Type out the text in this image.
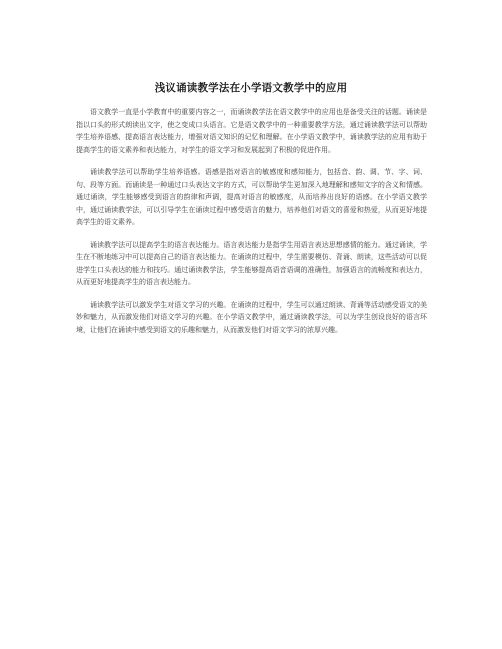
浅议诵读教学法在小学语文教学中的应用

语文教学一直是小学教育中的重要内容之一，而诵读教学法在语文教学中的应用也是备受关注的话题。诵读是指以口头的形式朗读出文字，使之变成口头语言。它是语文教学中的一种重要教学方法，通过诵读教学法可以帮助学生培养语感、提高语言表达能力，增强对语文知识的记忆和理解。在小学语文教学中，诵读教学法的应用有助于提高学生的语文素养和表达能力，对学生的语文学习和发展起到了积极的促进作用。

诵读教学法可以帮助学生培养语感。语感是指对语言的敏感度和感知能力，包括音、韵、调、节、字、词、句、段等方面。而诵读是一种通过口头表达文字的方式，可以帮助学生更加深入地理解和感知文字的含义和情感。通过诵读，学生能够感受到语言的韵律和声调，提高对语言的敏感度，从而培养出良好的语感。在小学语文教学中，通过诵读教学法，可以引导学生在诵读过程中感受语言的魅力，培养他们对语文的喜爱和热爱，从而更好地提高学生的语文素养。

诵读教学法可以提高学生的语言表达能力。语言表达能力是指学生用语言表达思想感情的能力。通过诵读，学生在不断地练习中可以提高自己的语言表达能力。在诵读的过程中，学生需要模仿、背诵、朗读，这些活动可以促进学生口头表达的能力和技巧。通过诵读教学法，学生能够提高语音语调的准确性，加强语言的流畅度和表达力，从而更好地提高学生的语言表达能力。

诵读教学法可以激发学生对语文学习的兴趣。在诵读的过程中，学生可以通过朗读、背诵等活动感受语文的美妙和魅力，从而激发他们对语文学习的兴趣。在小学语文教学中，通过诵读教学法，可以为学生创设良好的语言环境，让他们在诵读中感受到语文的乐趣和魅力，从而激发他们对语文学习的浓厚兴趣。
